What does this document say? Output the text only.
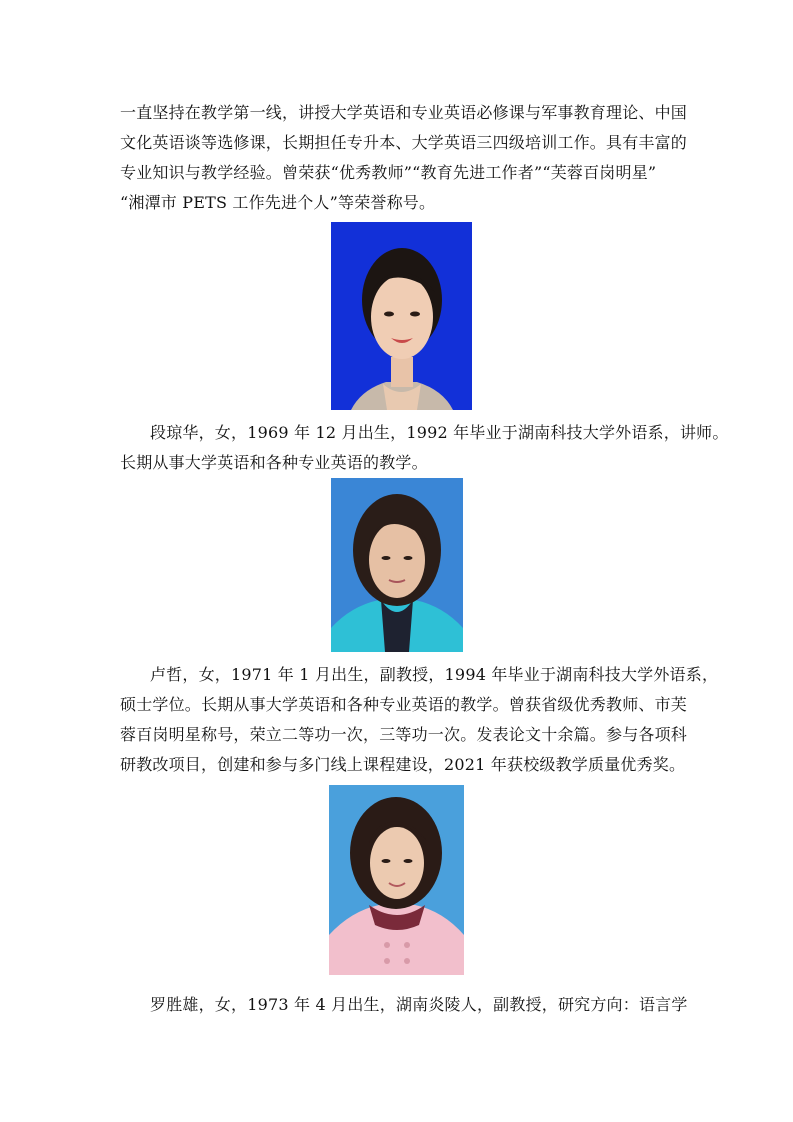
一直坚持在教学第一线，讲授大学英语和专业英语必修课与军事教育理论、中国
文化英语谈等选修课，长期担任专升本、大学英语三四级培训工作。具有丰富的
专业知识与教学经验。曾荣获“优秀教师”“教育先进工作者”“芙蓉百岗明星”
“湘潭市 PETS 工作先进个人”等荣誉称号。
段琼华，女，1969 年 12 月出生，1992 年毕业于湖南科技大学外语系，讲师。
长期从事大学英语和各种专业英语的教学。
卢哲，女，1971 年 1 月出生，副教授，1994 年毕业于湖南科技大学外语系，
硕士学位。长期从事大学英语和各种专业英语的教学。曾获省级优秀教师、市芙
蓉百岗明星称号，荣立二等功一次，三等功一次。发表论文十余篇。参与各项科
研教改项目，创建和参与多门线上课程建设，2021 年获校级教学质量优秀奖。
罗胜雄，女，1973 年 4 月出生，湖南炎陵人，副教授，研究方向：语言学
